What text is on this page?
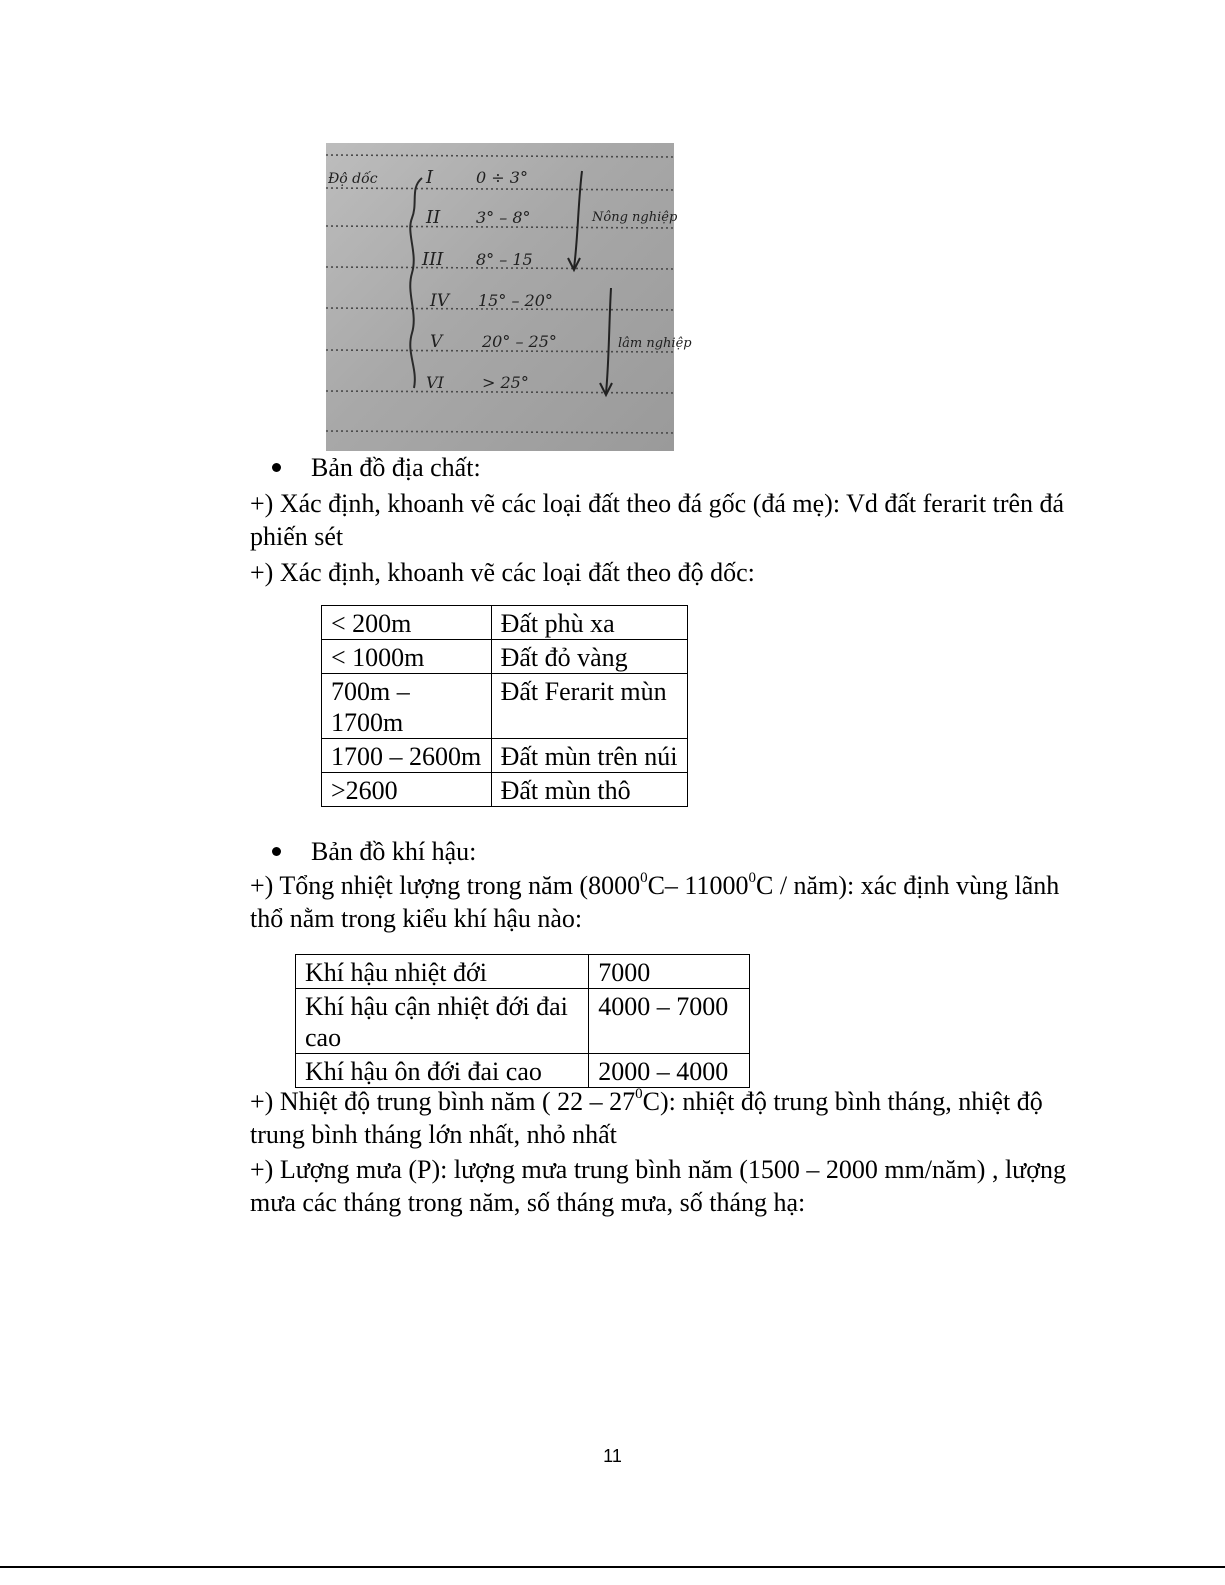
Độ dốc	I	0 ÷ 3°
II 3° – 8°	Nông nghiệp
III 8° – 15
IV 15° – 20°
V 20° – 25°	lâm nghiệp
VI > 25°
Bản đồ địa chất:
+) Xác định, khoanh vẽ các loại đất theo đá gốc (đá mẹ): Vd đất ferarit trên đá phiến sét
+) Xác định, khoanh vẽ các loại đất theo độ dốc:
< 200m	Đất phù xa
< 1000m	Đất đỏ vàng
700m – 1700m	Đất Ferarit mùn
1700 – 2600m	Đất mùn trên núi
>2600	Đất mùn thô
Bản đồ khí hậu:
+) Tổng nhiệt lượng trong năm (8000$^0$C– 11000$^0$C / năm): xác định vùng lãnh thổ nằm trong kiểu khí hậu nào:
Khí hậu nhiệt đới	7000
Khí hậu cận nhiệt đới đai cao	4000 – 7000
Khí hậu ôn đới đai cao	2000 – 4000
+) Nhiệt độ trung bình năm ( $22 - 27^0C$): nhiệt độ trung bình tháng, nhiệt độ trung bình tháng lớn nhất, nhỏ nhất
+) Lượng mưa (P): lượng mưa trung bình năm (1500 – 2000 mm/năm) , lượng mưa các tháng trong năm, số tháng mưa, số tháng hạ:
11
